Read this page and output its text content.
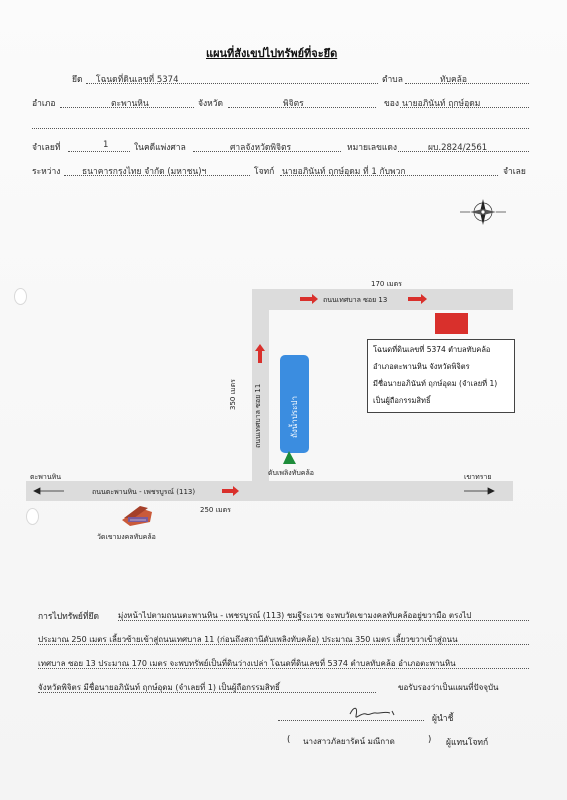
แผนที่สังเขปไปทรัพย์ที่จะยึด
ยึด โฉนดที่ดินเลขที่ 5374	ตำบล	ทับคล้อ
อำเภอ	ตะพานหิน	จังหวัด	พิจิตร	ของ นายอภินันท์ ฤกษ์อุดม
จำเลยที่	1	ในคดีแพ่งศาล	ศาลจังหวัดพิจิตร	หมายเลขแดง	ผบ.2824/2561
ระหว่าง	ธนาคารกรุงไทย จำกัด (มหาชน)ฯ	โจทก์ นายอภินันท์ ฤกษ์อุดม ที่ 1 กับพวก	จำเลย
170 เมตร
ถนนเทศบาล ซอย 13
350 เมตร ถนนเทศบาล ซอย 11	ถังน้ำประปา
ดับเพลิงทับคล้อ
ถนนตะพานหิน - เพชรบูรณ์ (113)
ตะพานหิน	เขาทราย
250 เมตร
วัดเขามงคลทับคล้อ
โฉนดที่ดินเลขที่ 5374 ตำบลทับคล้อ
อำเภอตะพานหิน จังหวัดพิจิตร
มีชื่อนายอภินันท์ ฤกษ์อุดม (จำเลยที่ 1)
เป็นผู้ถือกรรมสิทธิ์
การไปทรัพย์ที่ยึด มุ่งหน้าไปตามถนนตะพานหิน - เพชรบูรณ์ (113) ชมฐีระเวช จะพบวัดเขามงคลทับคล้ออยู่ขวามือ ตรงไป
ประมาณ 250 เมตร เลี้ยวซ้ายเข้าสู่ถนนเทศบาล 11 (ก่อนถึงสถานีดับเพลิงทับคล้อ) ประมาณ 350 เมตร เลี้ยวขวาเข้าสู่ถนน
เทศบาล ซอย 13 ประมาณ 170 เมตร จะพบทรัพย์เป็นที่ดินว่างเปล่า โฉนดที่ดินเลขที่ 5374 ตำบลทับคล้อ อำเภอตะพานหิน
จังหวัดพิจิตร มีชื่อนายอภินันท์ ฤกษ์อุดม (จำเลยที่ 1) เป็นผู้ถือกรรมสิทธิ์	ขอรับรองว่าเป็นแผนที่ปัจจุบัน
ผู้นำชี้
( นางสาวภัลยารัตน์ มณีกาด	) ผู้แทนโจทก์
